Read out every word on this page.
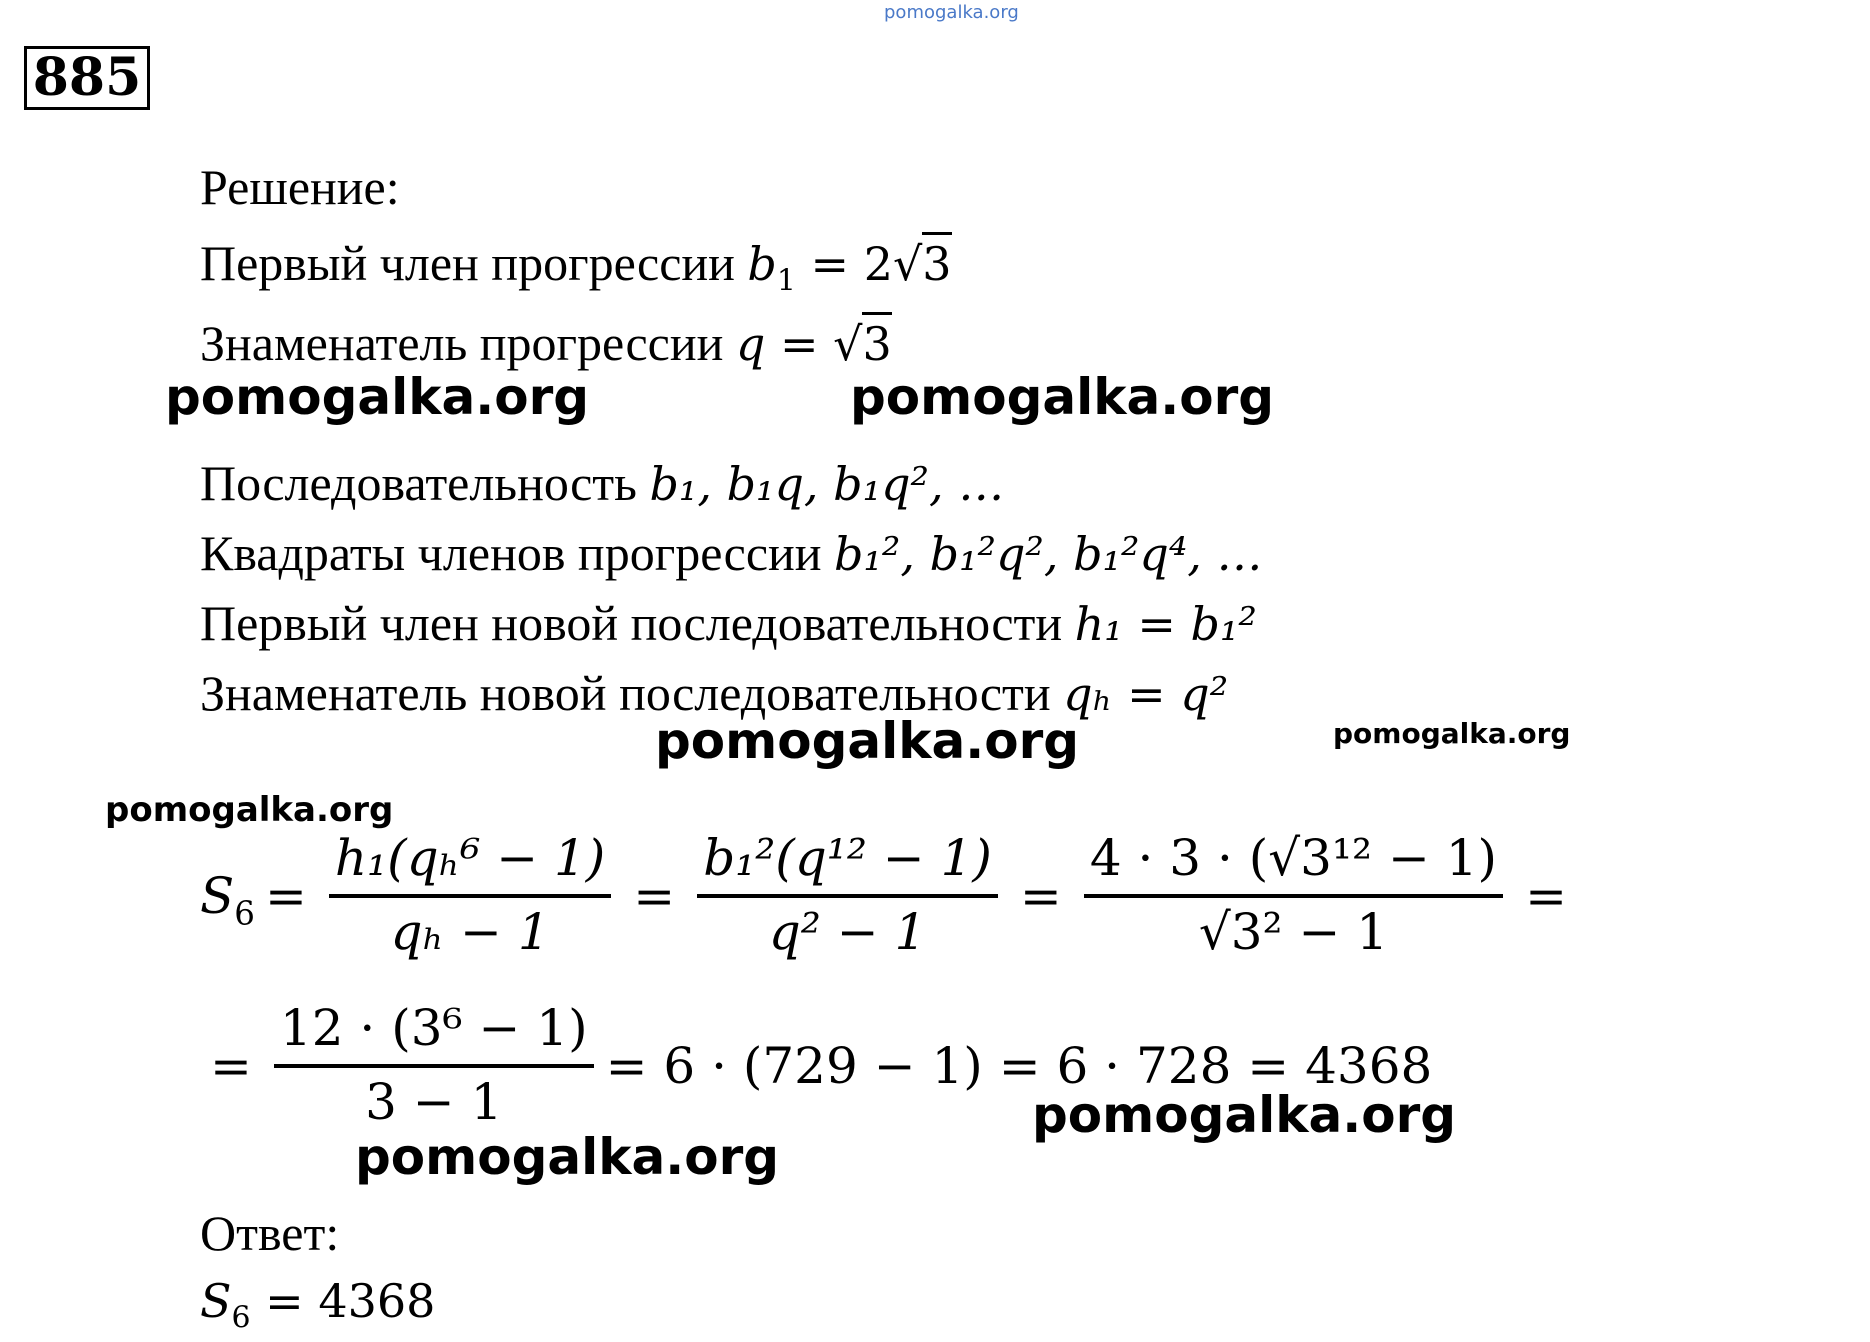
pomogalka.org
885
Решение:
Первый член прогрессии $b_1 = 2√3$
Знаменатель прогрессии q = √3
Последовательность b₁, b₁q, b₁q², …
Квадраты членов прогрессии b₁², b₁²q², b₁²q⁴, …
Первый член новой последовательности h₁ = b₁²
Знаменатель новой последовательности qₕ = q²
$S_6 = \frac{\text{h₁(qₕ⁶ − 1)}}{\text{qₕ − 1}} = \frac{\text{b₁²(q¹² − 1)}}{\text{q² − 1}} = \frac{\text{4 · 3 · (√3¹² − 1)}}{\text{√3² − 1}}$ =
= $\frac{\text{12 · (3⁶ − 1)}}{3 - 1} = 6 \cdot (729 - 1) = 6 \cdot 728 = 4368$
Ответ:
$S_6 = 4368$
pomogalka.org	pomogalka.org
pomogalka.org	pomogalka.org
pomogalka.org
pomogalka.org
pomogalka.org
